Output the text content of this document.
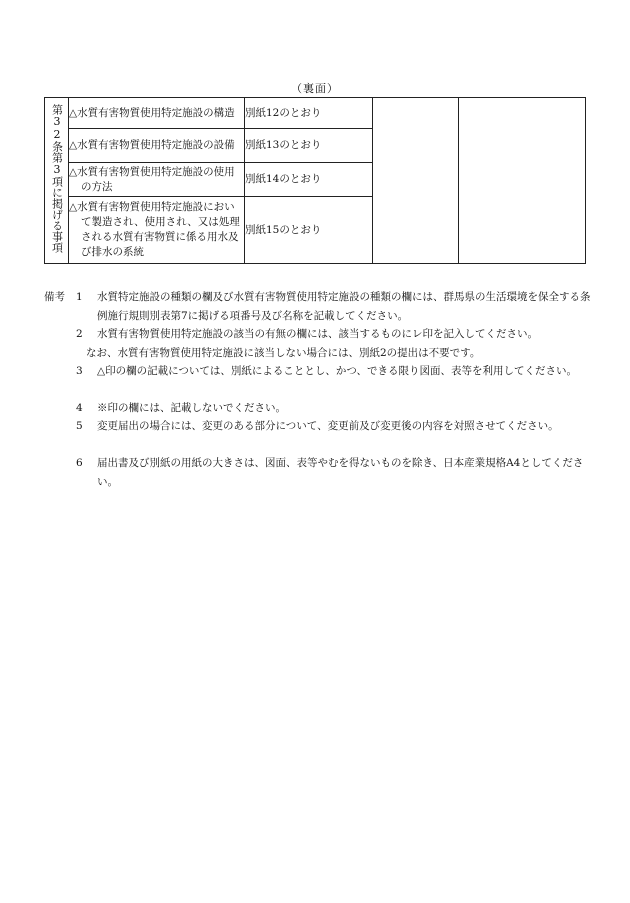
（裏面）
第32条第3項に掲げる事項	△水質有害物質使用特定施設の構造	別紙12のとおり		

	△水質有害物質使用特定施設の設備	別紙13のとおり		

	△水質有害物質使用特定施設の使用の方法	別紙14のとおり		

	△水質有害物質使用特定施設において製造され、使用され、又は処理される水質有害物質に係る用水及び排水の系統	別紙15のとおり		
備考 1	水質特定施設の種類の欄及び水質有害物質使用特定施設の種類の欄には、群馬県の生活環境を保全する条例施行規則別表第7に掲げる項番号及び名称を記載してください。
2	水質有害物質使用特定施設の該当の有無の欄には、該当するものにレ印を記入してください。
なお、水質有害物質使用特定施設に該当しない場合には、別紙2の提出は不要です。
3	△印の欄の記載については、別紙によることとし、かつ、できる限り図面、表等を利用してください。
4	※印の欄には、記載しないでください。
5	変更届出の場合には、変更のある部分について、変更前及び変更後の内容を対照させてください。
6	届出書及び別紙の用紙の大きさは、図面、表等やむを得ないものを除き、日本産業規格A4としてください。
